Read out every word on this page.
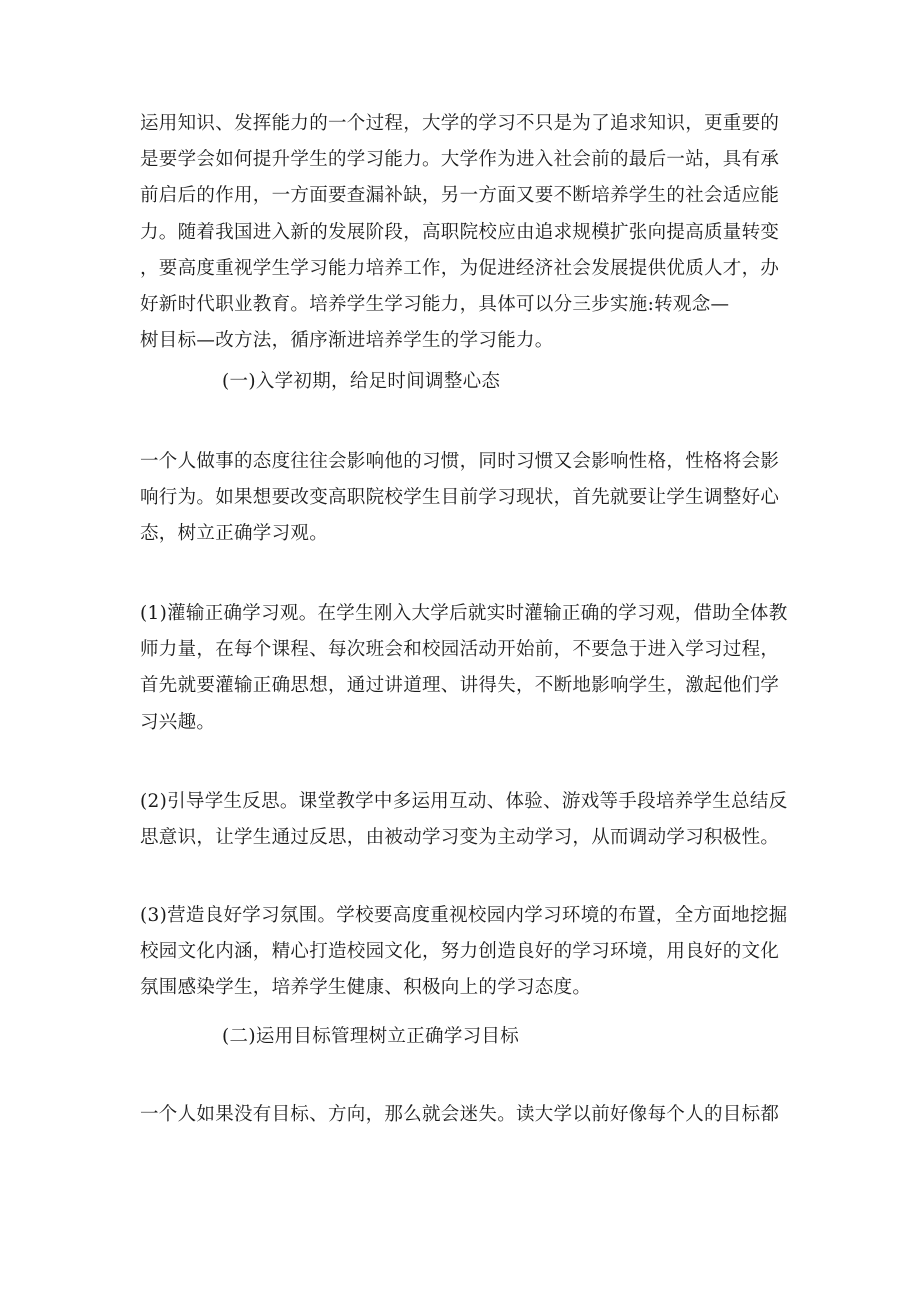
运用知识、发挥能力的一个过程，大学的学习不只是为了追求知识，更重要的
是要学会如何提升学生的学习能力。大学作为进入社会前的最后一站，具有承
前启后的作用，一方面要查漏补缺，另一方面又要不断培养学生的社会适应能
力。随着我国进入新的发展阶段，高职院校应由追求规模扩张向提高质量转变
，要高度重视学生学习能力培养工作，为促进经济社会发展提供优质人才，办
好新时代职业教育。培养学生学习能力，具体可以分三步实施:转观念—
树目标—改方法，循序渐进培养学生的学习能力。
(一)入学初期，给足时间调整心态
一个人做事的态度往往会影响他的习惯，同时习惯又会影响性格，性格将会影
响行为。如果想要改变高职院校学生目前学习现状，首先就要让学生调整好心
态，树立正确学习观。
(1)灌输正确学习观。在学生刚入大学后就实时灌输正确的学习观，借助全体教
师力量，在每个课程、每次班会和校园活动开始前，不要急于进入学习过程，
首先就要灌输正确思想，通过讲道理、讲得失，不断地影响学生，激起他们学
习兴趣。
(2)引导学生反思。课堂教学中多运用互动、体验、游戏等手段培养学生总结反
思意识，让学生通过反思，由被动学习变为主动学习，从而调动学习积极性。
(3)营造良好学习氛围。学校要高度重视校园内学习环境的布置，全方面地挖掘
校园文化内涵，精心打造校园文化，努力创造良好的学习环境，用良好的文化
氛围感染学生，培养学生健康、积极向上的学习态度。
(二)运用目标管理树立正确学习目标
一个人如果没有目标、方向，那么就会迷失。读大学以前好像每个人的目标都
